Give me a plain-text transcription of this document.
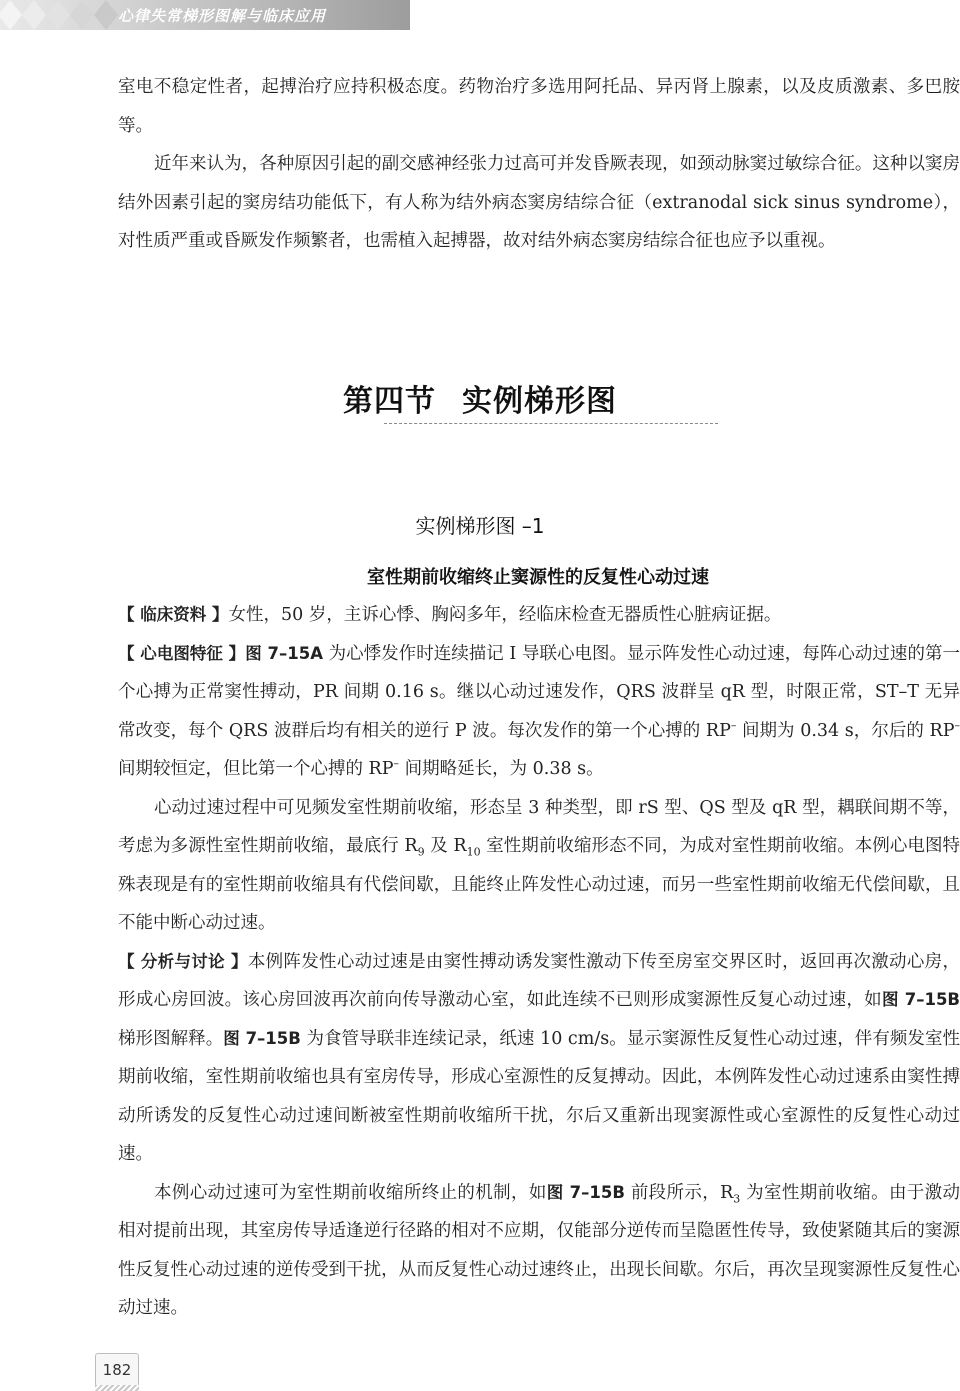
心律失常梯形图解与临床应用

室电不稳定性者，起搏治疗应持积极态度。药物治疗多选用阿托品、异丙肾上腺素，以及皮质激素、多巴胺等。

近年来认为，各种原因引起的副交感神经张力过高可并发昏厥表现，如颈动脉窦过敏综合征。这种以窦房结外因素引起的窦房结功能低下，有人称为结外病态窦房结综合征（extranodal sick sinus syndrome），对性质严重或昏厥发作频繁者，也需植入起搏器，故对结外病态窦房结综合征也应予以重视。

第四节 实例梯形图
实例梯形图 –1
室性期前收缩终止窦源性的反复性心动过速

【 临床资料 】女性，50 岁，主诉心悸、胸闷多年，经临床检查无器质性心脏病证据。

【 心电图特征 】图 7–15A 为心悸发作时连续描记 Ⅰ 导联心电图。显示阵发性心动过速，每阵心动过速的第一个心搏为正常窦性搏动，PR 间期 0.16 s。继以心动过速发作，QRS 波群呈 qR 型，时限正常，ST–T 无异常改变，每个 QRS 波群后均有相关的逆行 P 波。每次发作的第一个心搏的 RP– 间期为 0.34 s，尔后的 RP– 间期较恒定，但比第一个心搏的 RP– 间期略延长，为 0.38 s。

心动过速过程中可见频发室性期前收缩，形态呈 3 种类型，即 rS 型、QS 型及 qR 型，耦联间期不等，考虑为多源性室性期前收缩，最底行 $R_9$ 及 $R_{10}$ 室性期前收缩形态不同，为成对室性期前收缩。本例心电图特殊表现是有的室性期前收缩具有代偿间歇，且能终止阵发性心动过速，而另一些室性期前收缩无代偿间歇，且不能中断心动过速。

【 分析与讨论 】本例阵发性心动过速是由窦性搏动诱发窦性激动下传至房室交界区时，返回再次激动心房，形成心房回波。该心房回波再次前向传导激动心室，如此连续不已则形成窦源性反复心动过速，如图 7–15B 梯形图解释。图 7–15B 为食管导联非连续记录，纸速 10 cm/s。显示窦源性反复性心动过速，伴有频发室性期前收缩，室性期前收缩也具有室房传导，形成心室源性的反复搏动。因此，本例阵发性心动过速系由窦性搏动所诱发的反复性心动过速间断被室性期前收缩所干扰，尔后又重新出现窦源性或心室源性的反复性心动过速。

本例心动过速可为室性期前收缩所终止的机制，如图 7–15B 前段所示，$R_3$ 为室性期前收缩。由于激动相对提前出现，其室房传导适逢逆行径路的相对不应期，仅能部分逆传而呈隐匿性传导，致使紧随其后的窦源性反复性心动过速的逆传受到干扰，从而反复性心动过速终止，出现长间歇。尔后，再次呈现窦源性反复性心动过速。

182
